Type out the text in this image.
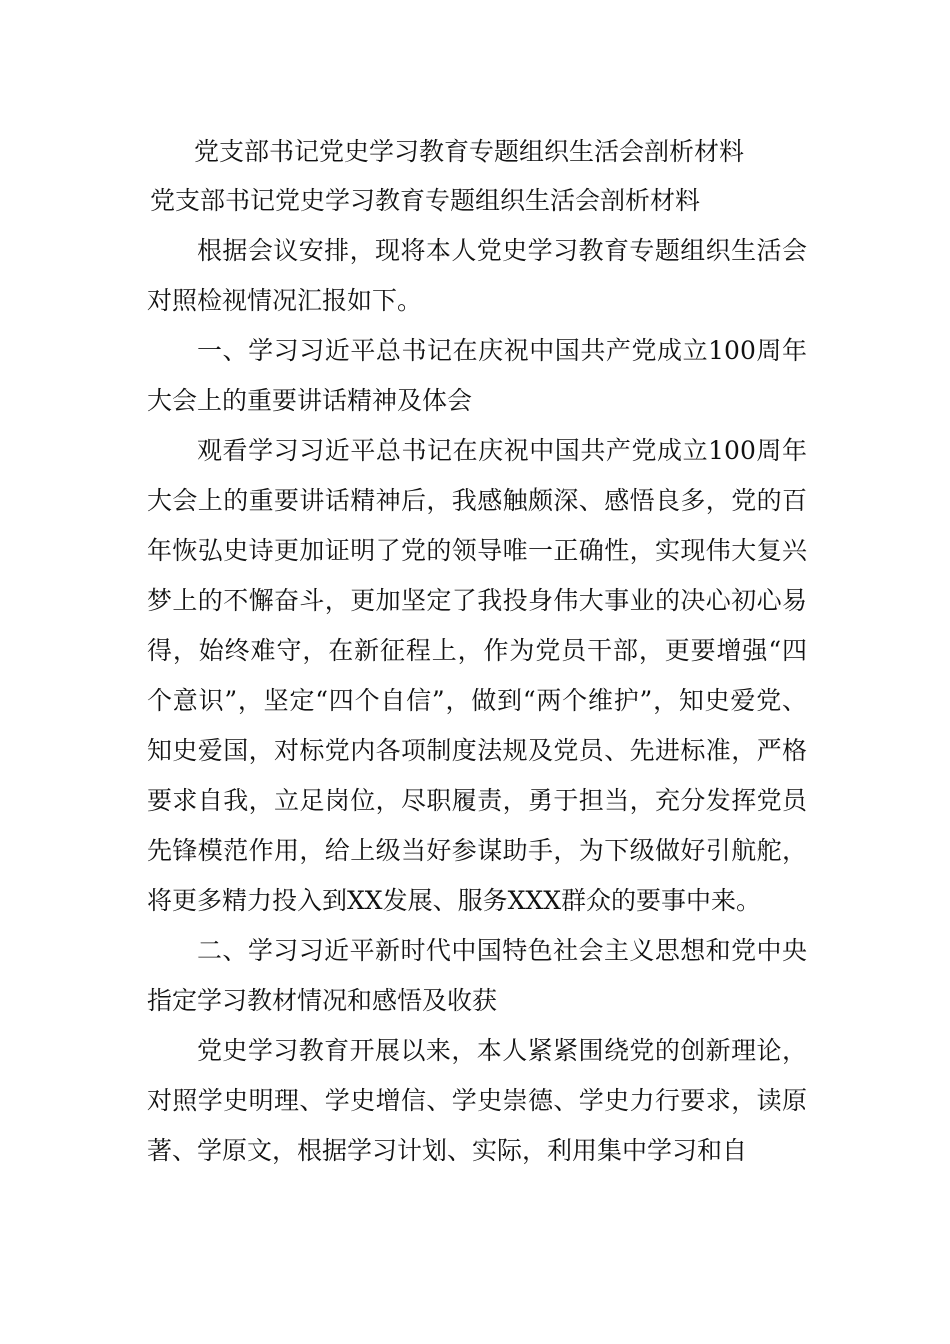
党支部书记党史学习教育专题组织生活会剖析材料
党支部书记党史学习教育专题组织生活会剖析材料

根据会议安排，现将本人党史学习教育专题组织生活会对照检视情况汇报如下。

一、学习习近平总书记在庆祝中国共产党成立100周年大会上的重要讲话精神及体会

观看学习习近平总书记在庆祝中国共产党成立100周年大会上的重要讲话精神后，我感触颇深、感悟良多，党的百年恢弘史诗更加证明了党的领导唯一正确性，实现伟大复兴梦上的不懈奋斗，更加坚定了我投身伟大事业的决心初心易得，始终难守，在新征程上，作为党员干部，更要增强“四个意识”，坚定“四个自信”，做到“两个维护”，知史爱党、知史爱国，对标党内各项制度法规及党员、先进标准，严格要求自我，立足岗位，尽职履责，勇于担当，充分发挥党员先锋模范作用，给上级当好参谋助手，为下级做好引航舵，将更多精力投入到XX发展、服务XXX群众的要事中来。

二、学习习近平新时代中国特色社会主义思想和党中央指定学习教材情况和感悟及收获

党史学习教育开展以来，本人紧紧围绕党的创新理论，对照学史明理、学史增信、学史崇德、学史力行要求，读原著、学原文，根据学习计划、实际，利用集中学习和自
